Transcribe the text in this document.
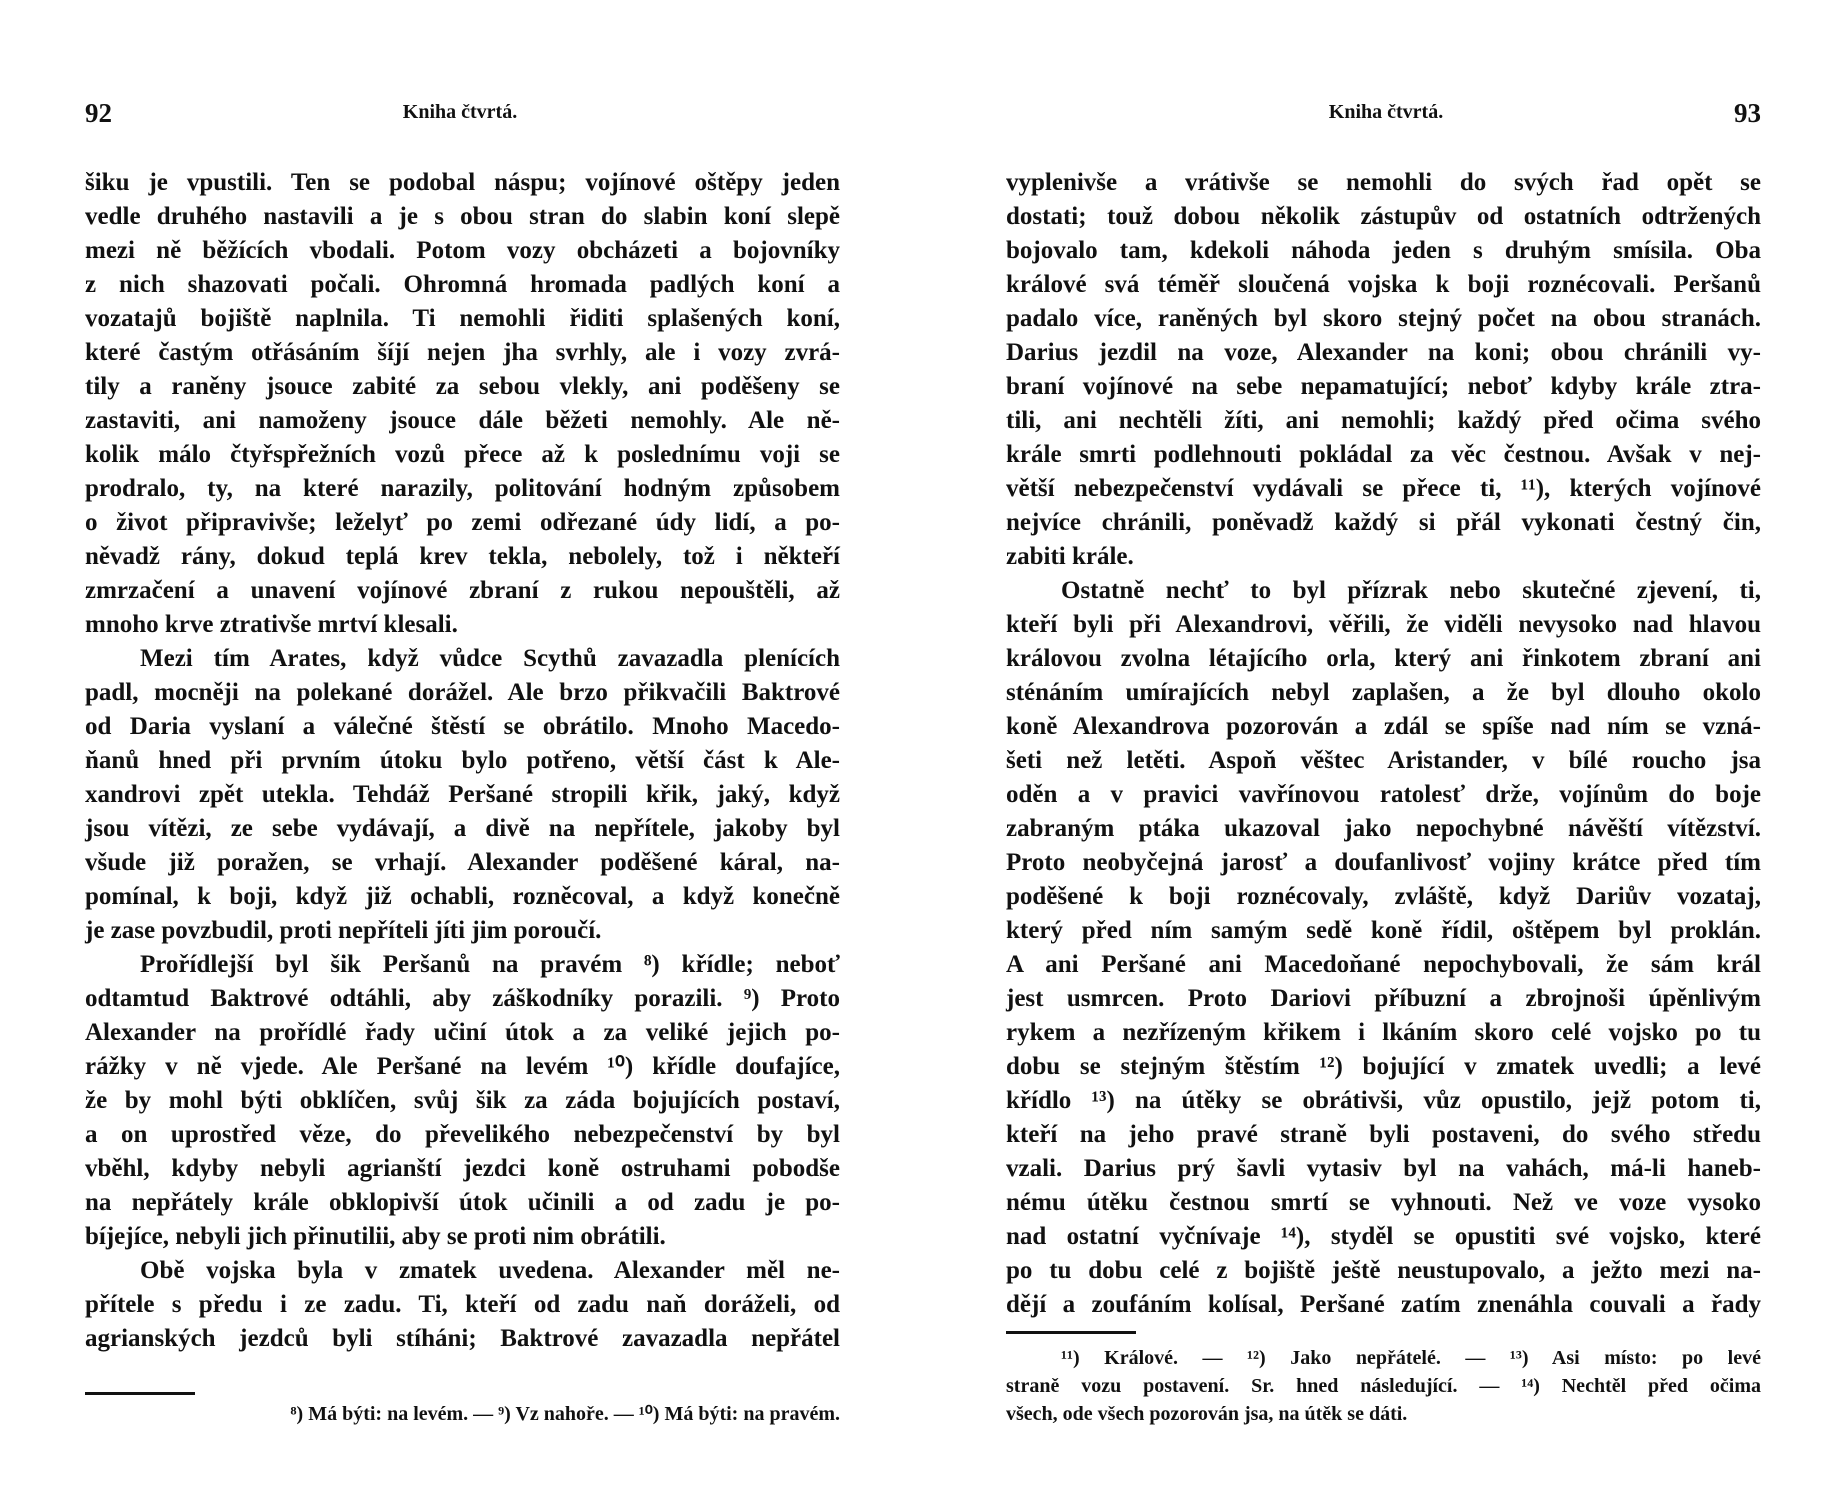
92	Kniha čtvrtá.
šiku je vpustili. Ten se podobal náspu; vojínové oštěpy jeden
vedle druhého nastavili a je s obou stran do slabin koní slepě
mezi ně běžících vbodali. Potom vozy obcházeti a bojovníky
z nich shazovati počali. Ohromná hromada padlých koní a
vozatajů bojiště naplnila. Ti nemohli řiditi splašených koní,
které častým otřásáním šíjí nejen jha svrhly, ale i vozy zvrá-
tily a raněny jsouce zabité za sebou vlekly, ani poděšeny se
zastaviti, ani namoženy jsouce dále běžeti nemohly. Ale ně-
kolik málo čtyřspřežních vozů přece až k poslednímu voji se
prodralo, ty, na které narazily, politování hodným způsobem
o život připravivše; leželyť po zemi odřezané údy lidí, a po-
něvadž rány, dokud teplá krev tekla, nebolely, tož i někteří
zmrzačení a unavení vojínové zbraní z rukou nepouštěli, až
mnoho krve ztrativše mrtví klesali.
Mezi tím Arates, když vůdce Scythů zavazadla plenících
padl, mocněji na polekané dorážel. Ale brzo přikvačili Baktrové
od Daria vyslaní a válečné štěstí se obrátilo. Mnoho Macedo-
ňanů hned při prvním útoku bylo potřeno, větší část k Ale-
xandrovi zpět utekla. Tehdáž Peršané stropili křik, jaký, když
jsou vítězi, ze sebe vydávají, a divě na nepřítele, jakoby byl
všude již poražen, se vrhají. Alexander poděšené káral, na-
pomínal, k boji, když již ochabli, rozněcoval, a když konečně
je zase povzbudil, proti nepříteli jíti jim poroučí.
Prořídlejší byl šik Peršanů na pravém ⁸) křídle; neboť
odtamtud Baktrové odtáhli, aby záškodníky porazili. ⁹) Proto
Alexander na prořídlé řady učiní útok a za veliké jejich po-
rážky v ně vjede. Ale Peršané na levém ¹⁰) křídle doufajíce,
že by mohl býti obklíčen, svůj šik za záda bojujících postaví,
a on uprostřed věze, do převelikého nebezpečenství by byl
vběhl, kdyby nebyli agrianští jezdci koně ostruhami pobodše
na nepřátely krále obklopivší útok učinili a od zadu je po-
bíjejíce, nebyli jich přinutilii, aby se proti nim obrátili.
Obě vojska byla v zmatek uvedena. Alexander měl ne-
přítele s předu i ze zadu. Ti, kteří od zadu naň doráželi, od
agrianských jezdců byli stíháni; Baktrové zavazadla nepřátel
⁸) Má býti: na levém. — ⁹) Vz nahoře. — ¹⁰) Má býti: na pravém.
93
Kniha čtvrtá.
vyplenivše a vrátivše se nemohli do svých řad opět se
dostati; touž dobou několik zástupův od ostatních odtržených
bojovalo tam, kdekoli náhoda jeden s druhým smísila. Oba
králové svá téměř sloučená vojska k boji roznécovali. Peršanů
padalo více, raněných byl skoro stejný počet na obou stranách.
Darius jezdil na voze, Alexander na koni; obou chránili vy-
braní vojínové na sebe nepamatující; neboť kdyby krále ztra-
tili, ani nechtěli žíti, ani nemohli; každý před očima svého
krále smrti podlehnouti pokládal za věc čestnou. Avšak v nej-
větší nebezpečenství vydávali se přece ti, ¹¹), kterých vojínové
nejvíce chránili, poněvadž každý si přál vykonati čestný čin,
zabiti krále.
Ostatně nechť to byl přízrak nebo skutečné zjevení, ti,
kteří byli při Alexandrovi, věřili, že viděli nevysoko nad hlavou
královou zvolna létajícího orla, který ani řinkotem zbraní ani
sténáním umírajících nebyl zaplašen, a že byl dlouho okolo
koně Alexandrova pozorován a zdál se spíše nad ním se vzná-
šeti než letěti. Aspoň věštec Aristander, v bílé roucho jsa
oděn a v pravici vavřínovou ratolesť drže, vojínům do boje
zabraným ptáka ukazoval jako nepochybné návěští vítězství.
Proto neobyčejná jarosť a doufanlivosť vojiny krátce před tím
poděšené k boji roznécovaly, zvláště, když Dariův vozataj,
který před ním samým sedě koně řídil, oštěpem byl proklán.
A ani Peršané ani Macedoňané nepochybovali, že sám král
jest usmrcen. Proto Dariovi příbuzní a zbrojnoši úpěnlivým
rykem a nezřízeným křikem i lkáním skoro celé vojsko po tu
dobu se stejným štěstím ¹²) bojující v zmatek uvedli; a levé
křídlo ¹³) na útěky se obrátivši, vůz opustilo, jejž potom ti,
kteří na jeho pravé straně byli postaveni, do svého středu
vzali. Darius prý šavli vytasiv byl na vahách, má-li haneb-
nému útěku čestnou smrtí se vyhnouti. Než ve voze vysoko
nad ostatní vyčnívaje ¹⁴), styděl se opustiti své vojsko, které
po tu dobu celé z bojiště ještě neustupovalo, a ježto mezi na-
dějí a zoufáním kolísal, Peršané zatím znenáhla couvali a řady
¹¹) Králové. — ¹²) Jako nepřátelé. — ¹³) Asi místo: po levé
straně vozu postavení. Sr. hned následující. — ¹⁴) Nechtěl před očima
všech, ode všech pozorován jsa, na útěk se dáti.
